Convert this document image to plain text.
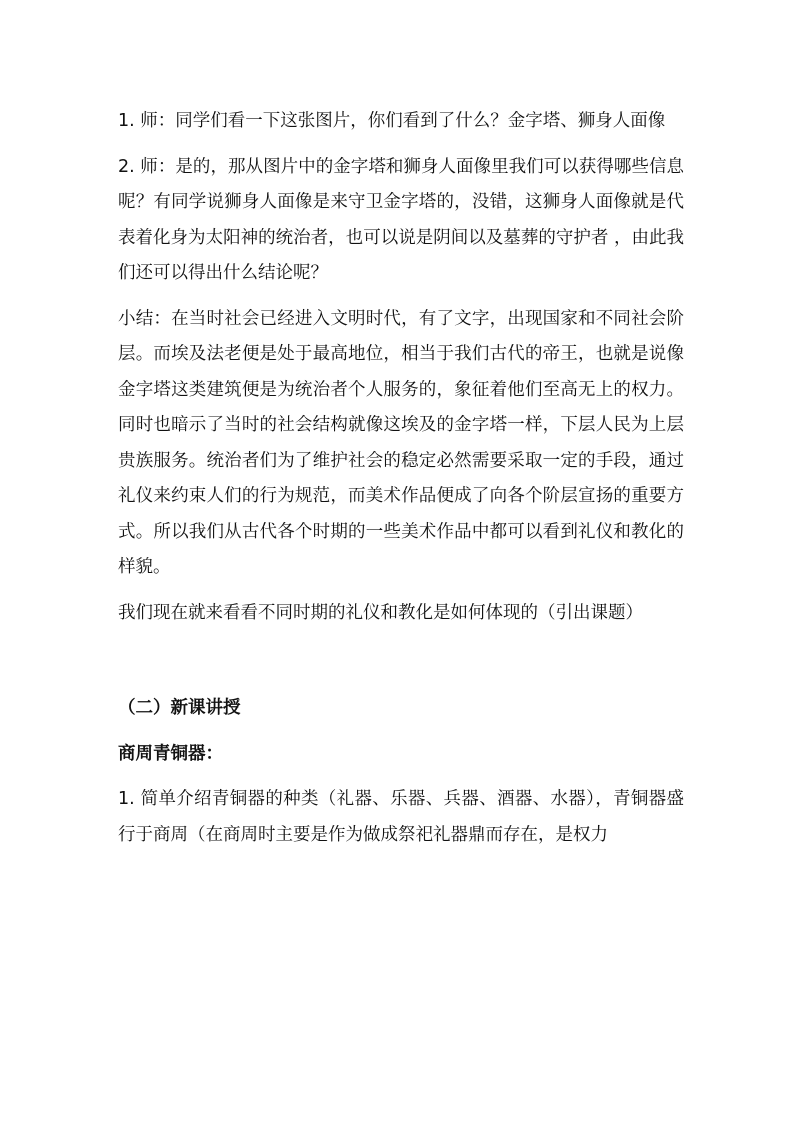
1. 师：同学们看一下这张图片，你们看到了什么？金字塔、狮身人面像

2. 师：是的，那从图片中的金字塔和狮身人面像里我们可以获得哪些信息呢？有同学说狮身人面像是来守卫金字塔的，没错，这狮身人面像就是代表着化身为太阳神的统治者，也可以说是阴间以及墓葬的守护者 ，由此我们还可以得出什么结论呢？

小结：在当时社会已经进入文明时代，有了文字，出现国家和不同社会阶层。而埃及法老便是处于最高地位，相当于我们古代的帝王，也就是说像金字塔这类建筑便是为统治者个人服务的，象征着他们至高无上的权力。同时也暗示了当时的社会结构就像这埃及的金字塔一样，下层人民为上层贵族服务。统治者们为了维护社会的稳定必然需要采取一定的手段，通过礼仪来约束人们的行为规范，而美术作品便成了向各个阶层宣扬的重要方式。所以我们从古代各个时期的一些美术作品中都可以看到礼仪和教化的样貌。

我们现在就来看看不同时期的礼仪和教化是如何体现的（引出课题）

（二）新课讲授

商周青铜器：

1. 简单介绍青铜器的种类（礼器、乐器、兵器、酒器、水器），青铜器盛行于商周（在商周时主要是作为做成祭祀礼器鼎而存在，是权力
